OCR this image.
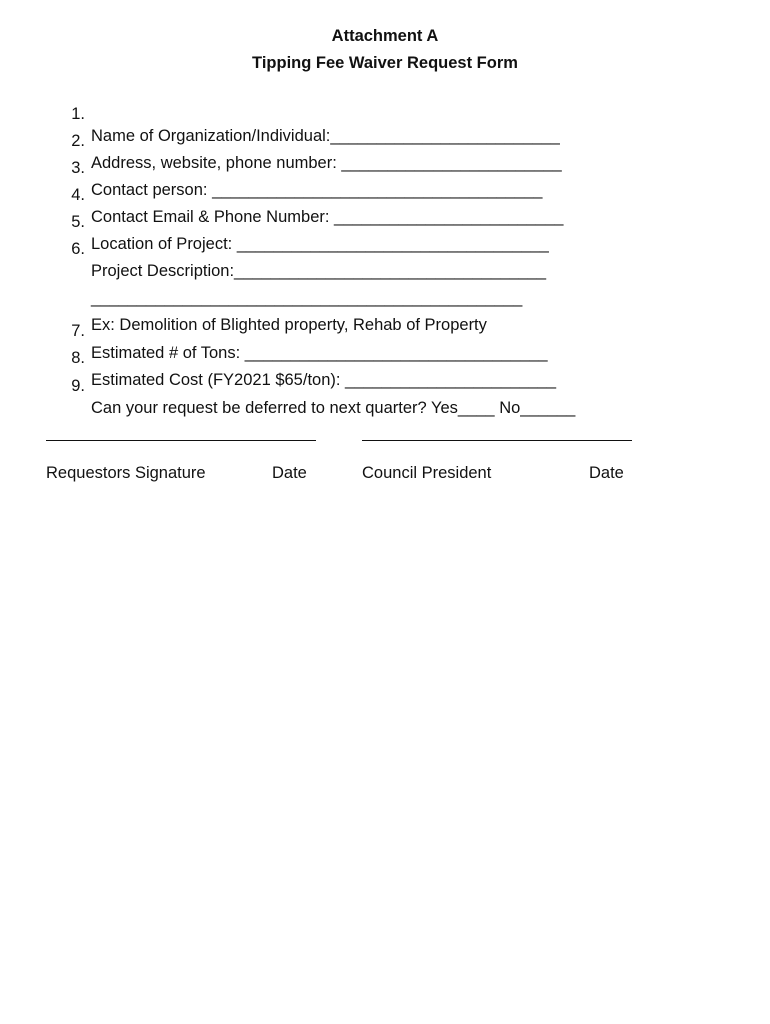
Attachment A
Tipping Fee Waiver Request Form

1.

Name of Organization/Individual:_________________________

2.

Address, website, phone number: ________________________

3.

Contact person: ____________________________________

4.

Contact Email & Phone Number: _________________________

5.

Location of Project: __________________________________

6.

Project Description:__________________________________

_______________________________________________

Ex: Demolition of Blighted property, Rehab of Property

7.

Estimated # of Tons: _________________________________

8.

Estimated Cost (FY2021 $65/ton): _______________________

9.

Can your request be deferred to next quarter? Yes____ No______

Requestors Signature	Date	Council President	Date
